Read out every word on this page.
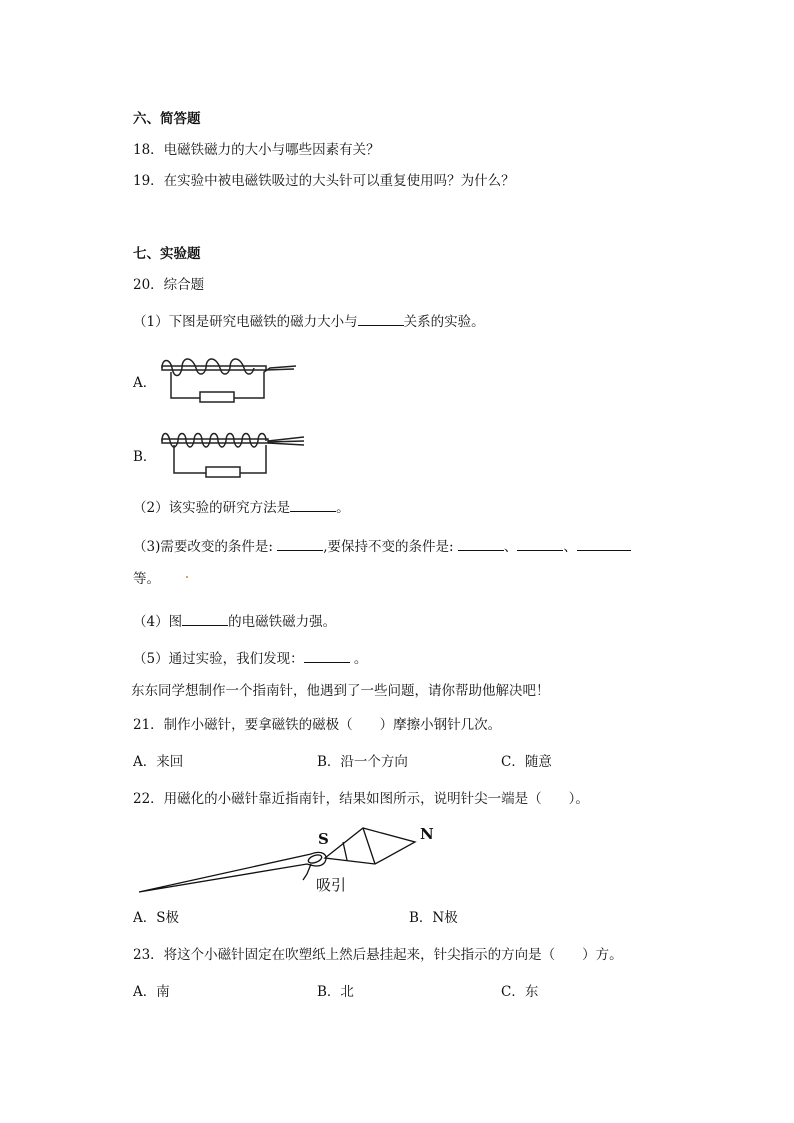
六、简答题
18．电磁铁磁力的大小与哪些因素有关？
19．在实验中被电磁铁吸过的大头针可以重复使用吗？为什么？
七、实验题
20．综合题
（1）下图是研究电磁铁的磁力大小与	关系的实验。
A．
B．
（2）该实验的研究方法是	。
（3)需要改变的条件是:	,要保持不变的条件是:	、	、
等。
（4）图	的电磁铁磁力强。
（5）通过实验，我们发现：	。
东东同学想制作一个指南针，他遇到了一些问题，请你帮助他解决吧！
21．制作小磁针，要拿磁铁的磁极（　　）摩擦小钢针几次。
A．来回	B．沿一个方向	C．随意
22．用磁化的小磁针靠近指南针，结果如图所示，说明针尖一端是（　　）。
S	N
吸引
A．S极	B．N极
23．将这个小磁针固定在吹塑纸上然后悬挂起来，针尖指示的方向是（　　）方。
A．南	B．北	C．东
